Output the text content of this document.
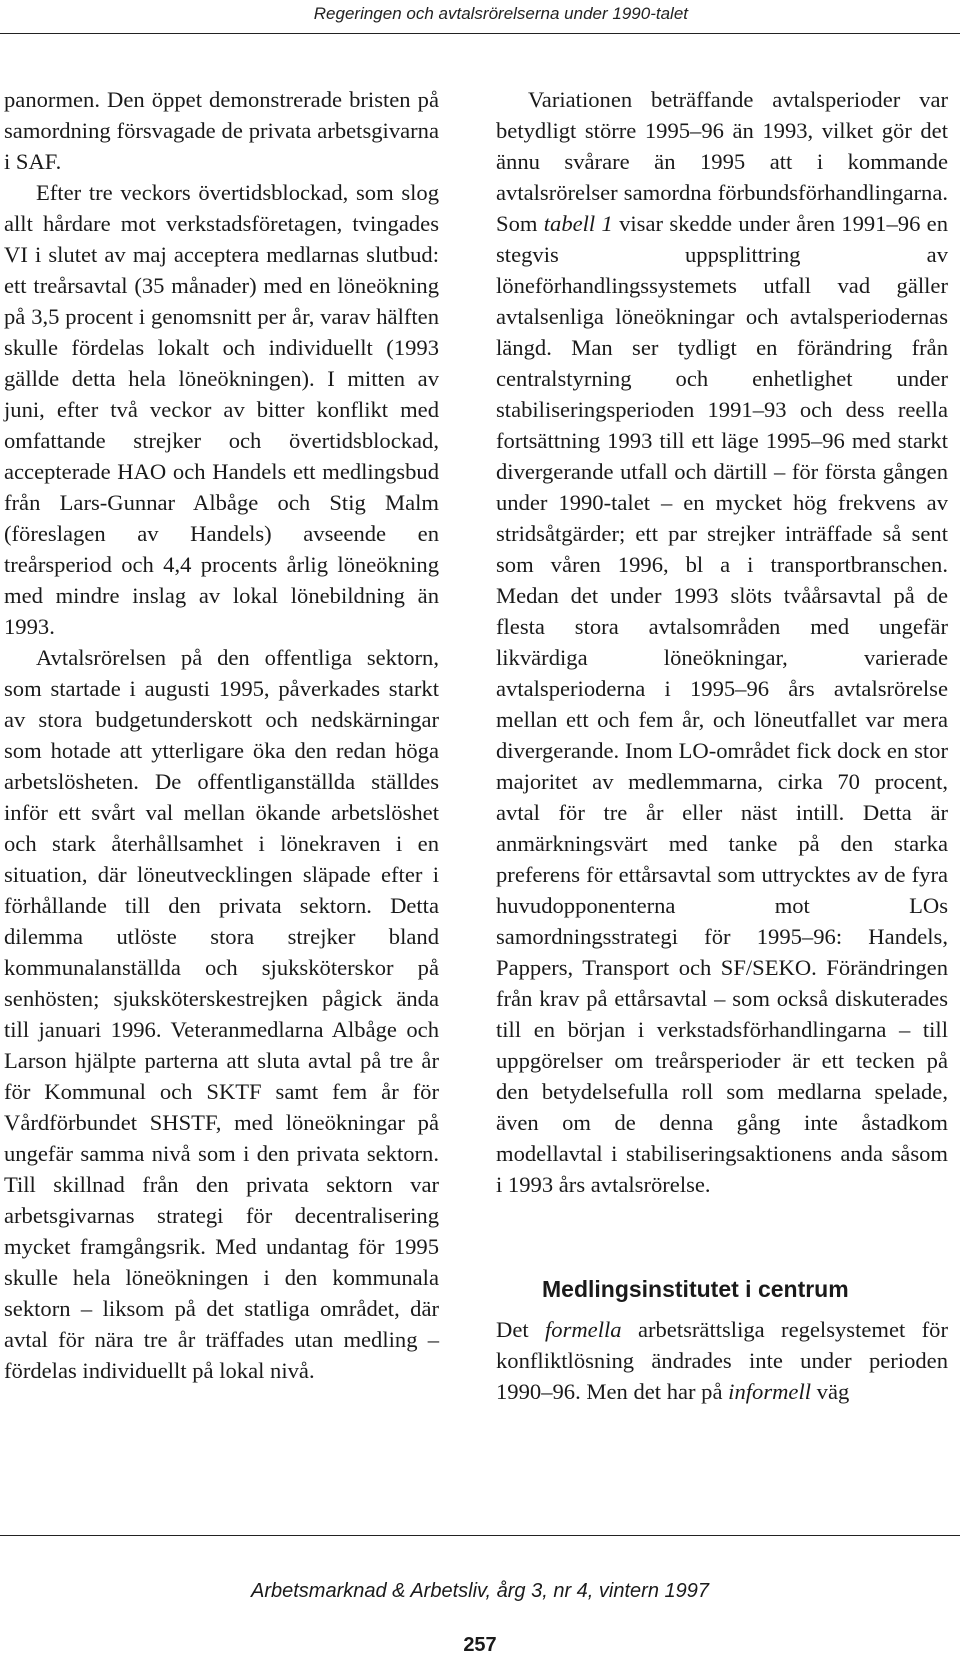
Regeringen och avtalsrörelserna under 1990-talet

panormen. Den öppet demonstrerade bristen på samordning försvagade de privata arbetsgivarna i SAF.

Efter tre veckors övertidsblockad, som slog allt hårdare mot verkstadsföretagen, tvingades VI i slutet av maj acceptera medlarnas slutbud: ett treårsavtal (35 månader) med en löneökning på 3,5 procent i genomsnitt per år, varav hälften skulle fördelas lokalt och individuellt (1993 gällde detta hela löneökningen). I mitten av juni, efter två veckor av bitter konflikt med omfattande strejker och övertidsblockad, accepterade HAO och Handels ett medlingsbud från Lars-Gunnar Albåge och Stig Malm (föreslagen av Handels) avseende en treårsperiod och 4,4 procents årlig löneökning med mindre inslag av lokal lönebildning än 1993.

Avtalsrörelsen på den offentliga sektorn, som startade i augusti 1995, påverkades starkt av stora budgetunderskott och nedskärningar som hotade att ytterligare öka den redan höga arbetslösheten. De offentliganställda ställdes inför ett svårt val mellan ökande arbetslöshet och stark återhållsamhet i lönekraven i en situation, där löneutvecklingen släpade efter i förhållande till den privata sektorn. Detta dilemma utlöste stora strejker bland kommunalanställda och sjuksköterskor på senhösten; sjuksköterskestrejken pågick ända till januari 1996. Veteranmedlarna Albåge och Larson hjälpte parterna att sluta avtal på tre år för Kommunal och SKTF samt fem år för Vårdförbundet SHSTF, med löneökningar på ungefär samma nivå som i den privata sektorn. Till skillnad från den privata sektorn var arbetsgivarnas strategi för decentralisering mycket framgångsrik. Med undantag för 1995 skulle hela löneökningen i den kommunala sektorn – liksom på det statliga området, där avtal för nära tre år träffades utan medling – fördelas individuellt på lokal nivå.

Variationen beträffande avtalsperioder var betydligt större 1995–96 än 1993, vilket gör det ännu svårare än 1995 att i kommande avtalsrörelser samordna förbundsförhandlingarna. Som tabell 1 visar skedde under åren 1991–96 en stegvis uppsplittring av löneförhandlingssystemets utfall vad gäller avtalsenliga löneökningar och avtalsperiodernas längd. Man ser tydligt en förändring från centralstyrning och enhetlighet under stabiliseringsperioden 1991–93 och dess reella fortsättning 1993 till ett läge 1995–96 med starkt divergerande utfall och därtill – för första gången under 1990-talet – en mycket hög frekvens av stridsåtgärder; ett par strejker inträffade så sent som våren 1996, bl a i transportbranschen. Medan det under 1993 slöts tvåårsavtal på de flesta stora avtalsområden med ungefär likvärdiga löneökningar, varierade avtalsperioderna i 1995–96 års avtalsrörelse mellan ett och fem år, och löneutfallet var mera divergerande. Inom LO-området fick dock en stor majoritet av medlemmarna, cirka 70 procent, avtal för tre år eller näst intill. Detta är anmärkningsvärt med tanke på den starka preferens för ettårsavtal som uttrycktes av de fyra huvudopponenterna mot LOs samordningsstrategi för 1995–96: Handels, Pappers, Transport och SF/SEKO. Förändringen från krav på ettårsavtal – som också diskuterades till en början i verkstadsförhandlingarna – till uppgörelser om treårsperioder är ett tecken på den betydelsefulla roll som medlarna spelade, även om de denna gång inte åstadkom modellavtal i stabiliseringsaktionens anda såsom i 1993 års avtalsrörelse.

Medlingsinstitutet i centrum

Det formella arbetsrättsliga regelsystemet för konfliktlösning ändrades inte under perioden 1990–96. Men det har på informell väg

Arbetsmarknad & Arbetsliv, årg 3, nr 4, vintern 1997
257
